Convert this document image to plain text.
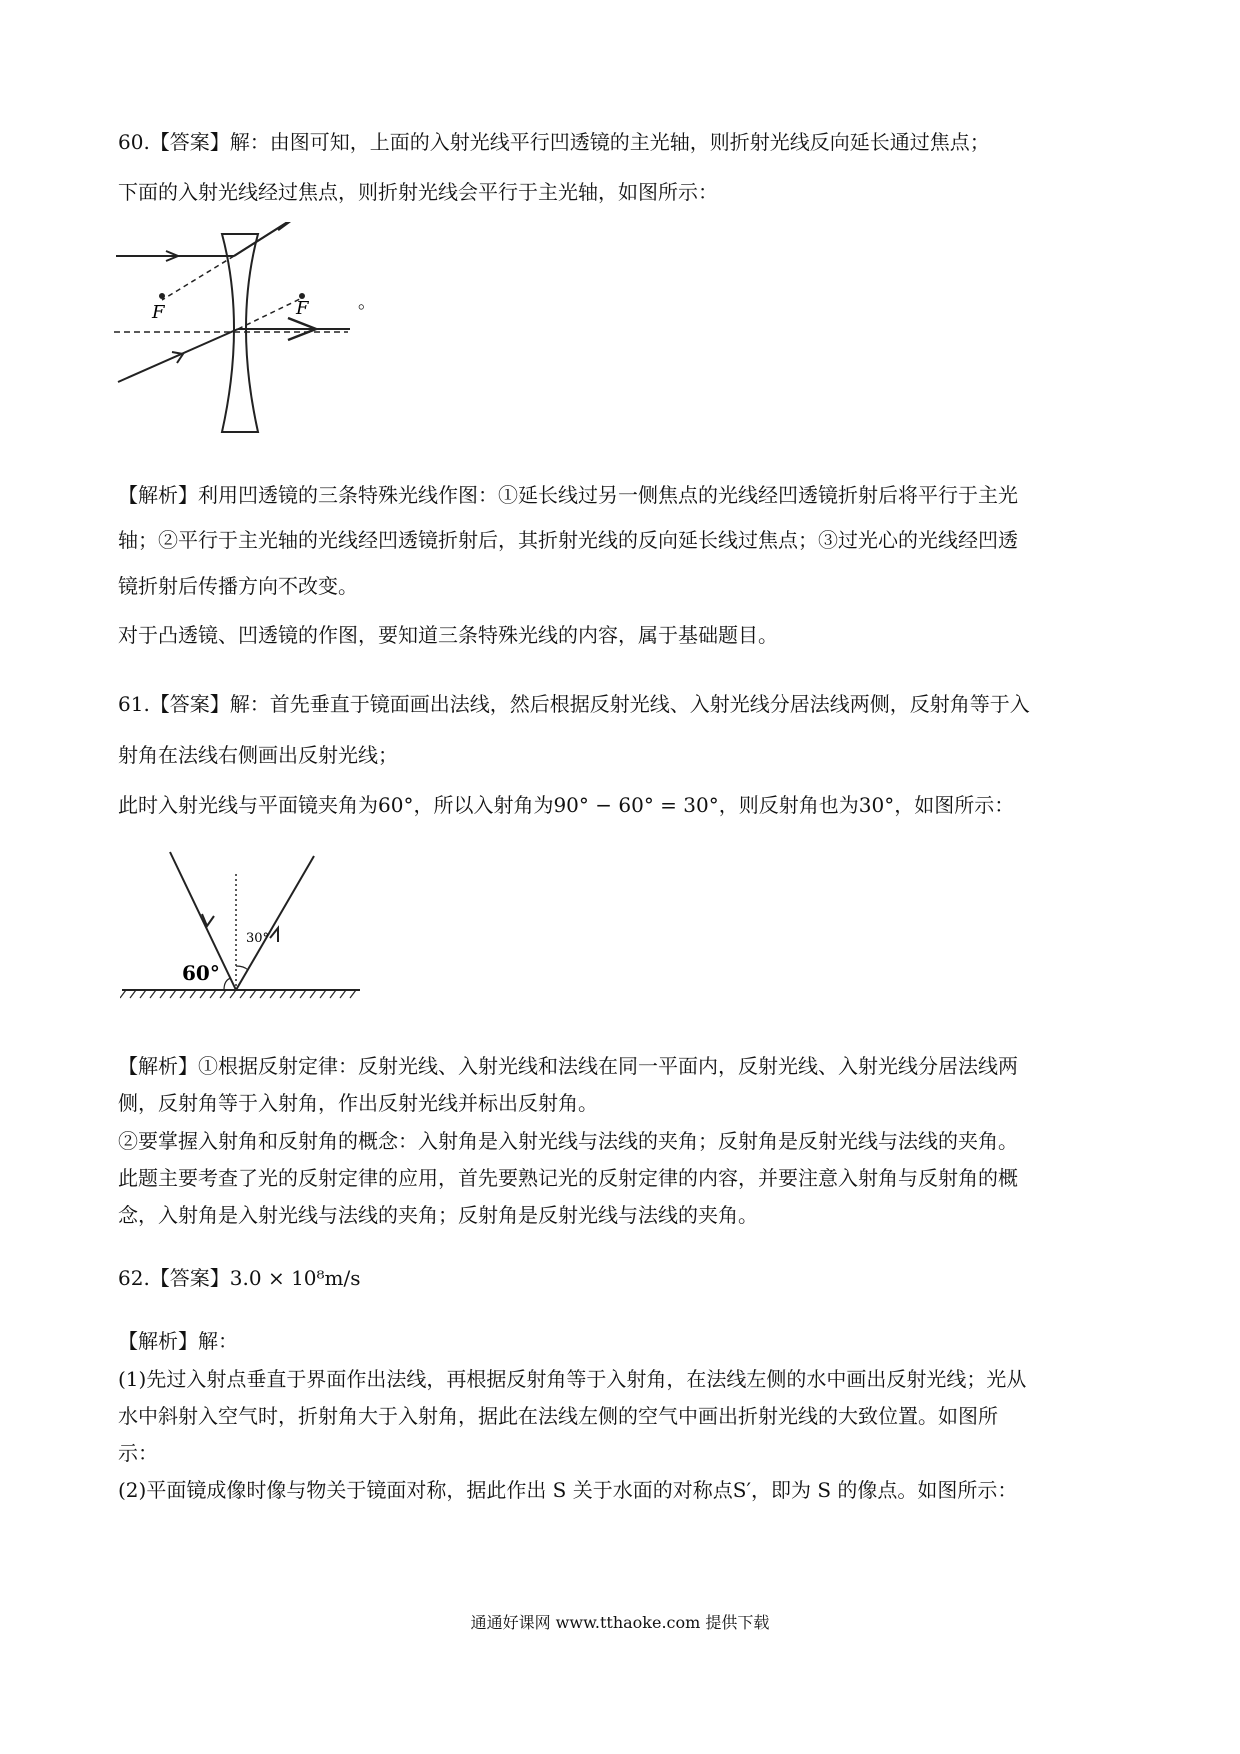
60.【答案】解：由图可知，上面的入射光线平行凹透镜的主光轴，则折射光线反向延长通过焦点；
下面的入射光线经过焦点，则折射光线会平行于主光轴，如图所示：
F	F	。
【解析】利用凹透镜的三条特殊光线作图：①延长线过另一侧焦点的光线经凹透镜折射后将平行于主光
轴；②平行于主光轴的光线经凹透镜折射后，其折射光线的反向延长线过焦点；③过光心的光线经凹透
镜折射后传播方向不改变。
对于凸透镜、凹透镜的作图，要知道三条特殊光线的内容，属于基础题目。
61.【答案】解：首先垂直于镜面画出法线，然后根据反射光线、入射光线分居法线两侧，反射角等于入
射角在法线右侧画出反射光线；
此时入射光线与平面镜夹角为60°，所以入射角为90° − 60° = 30°，则反射角也为30°，如图所示：
60°
30°
【解析】①根据反射定律：反射光线、入射光线和法线在同一平面内，反射光线、入射光线分居法线两
侧，反射角等于入射角，作出反射光线并标出反射角。
②要掌握入射角和反射角的概念：入射角是入射光线与法线的夹角；反射角是反射光线与法线的夹角。
此题主要考查了光的反射定律的应用，首先要熟记光的反射定律的内容，并要注意入射角与反射角的概
念，入射角是入射光线与法线的夹角；反射角是反射光线与法线的夹角。
62.【答案】3.0 × 10⁸m/s
【解析】解：
(1)先过入射点垂直于界面作出法线，再根据反射角等于入射角，在法线左侧的水中画出反射光线；光从
水中斜射入空气时，折射角大于入射角，据此在法线左侧的空气中画出折射光线的大致位置。如图所
示：
(2)平面镜成像时像与物关于镜面对称，据此作出 S 关于水面的对称点S′，即为 S 的像点。如图所示：
通通好课网 www.tthaoke.com 提供下载
